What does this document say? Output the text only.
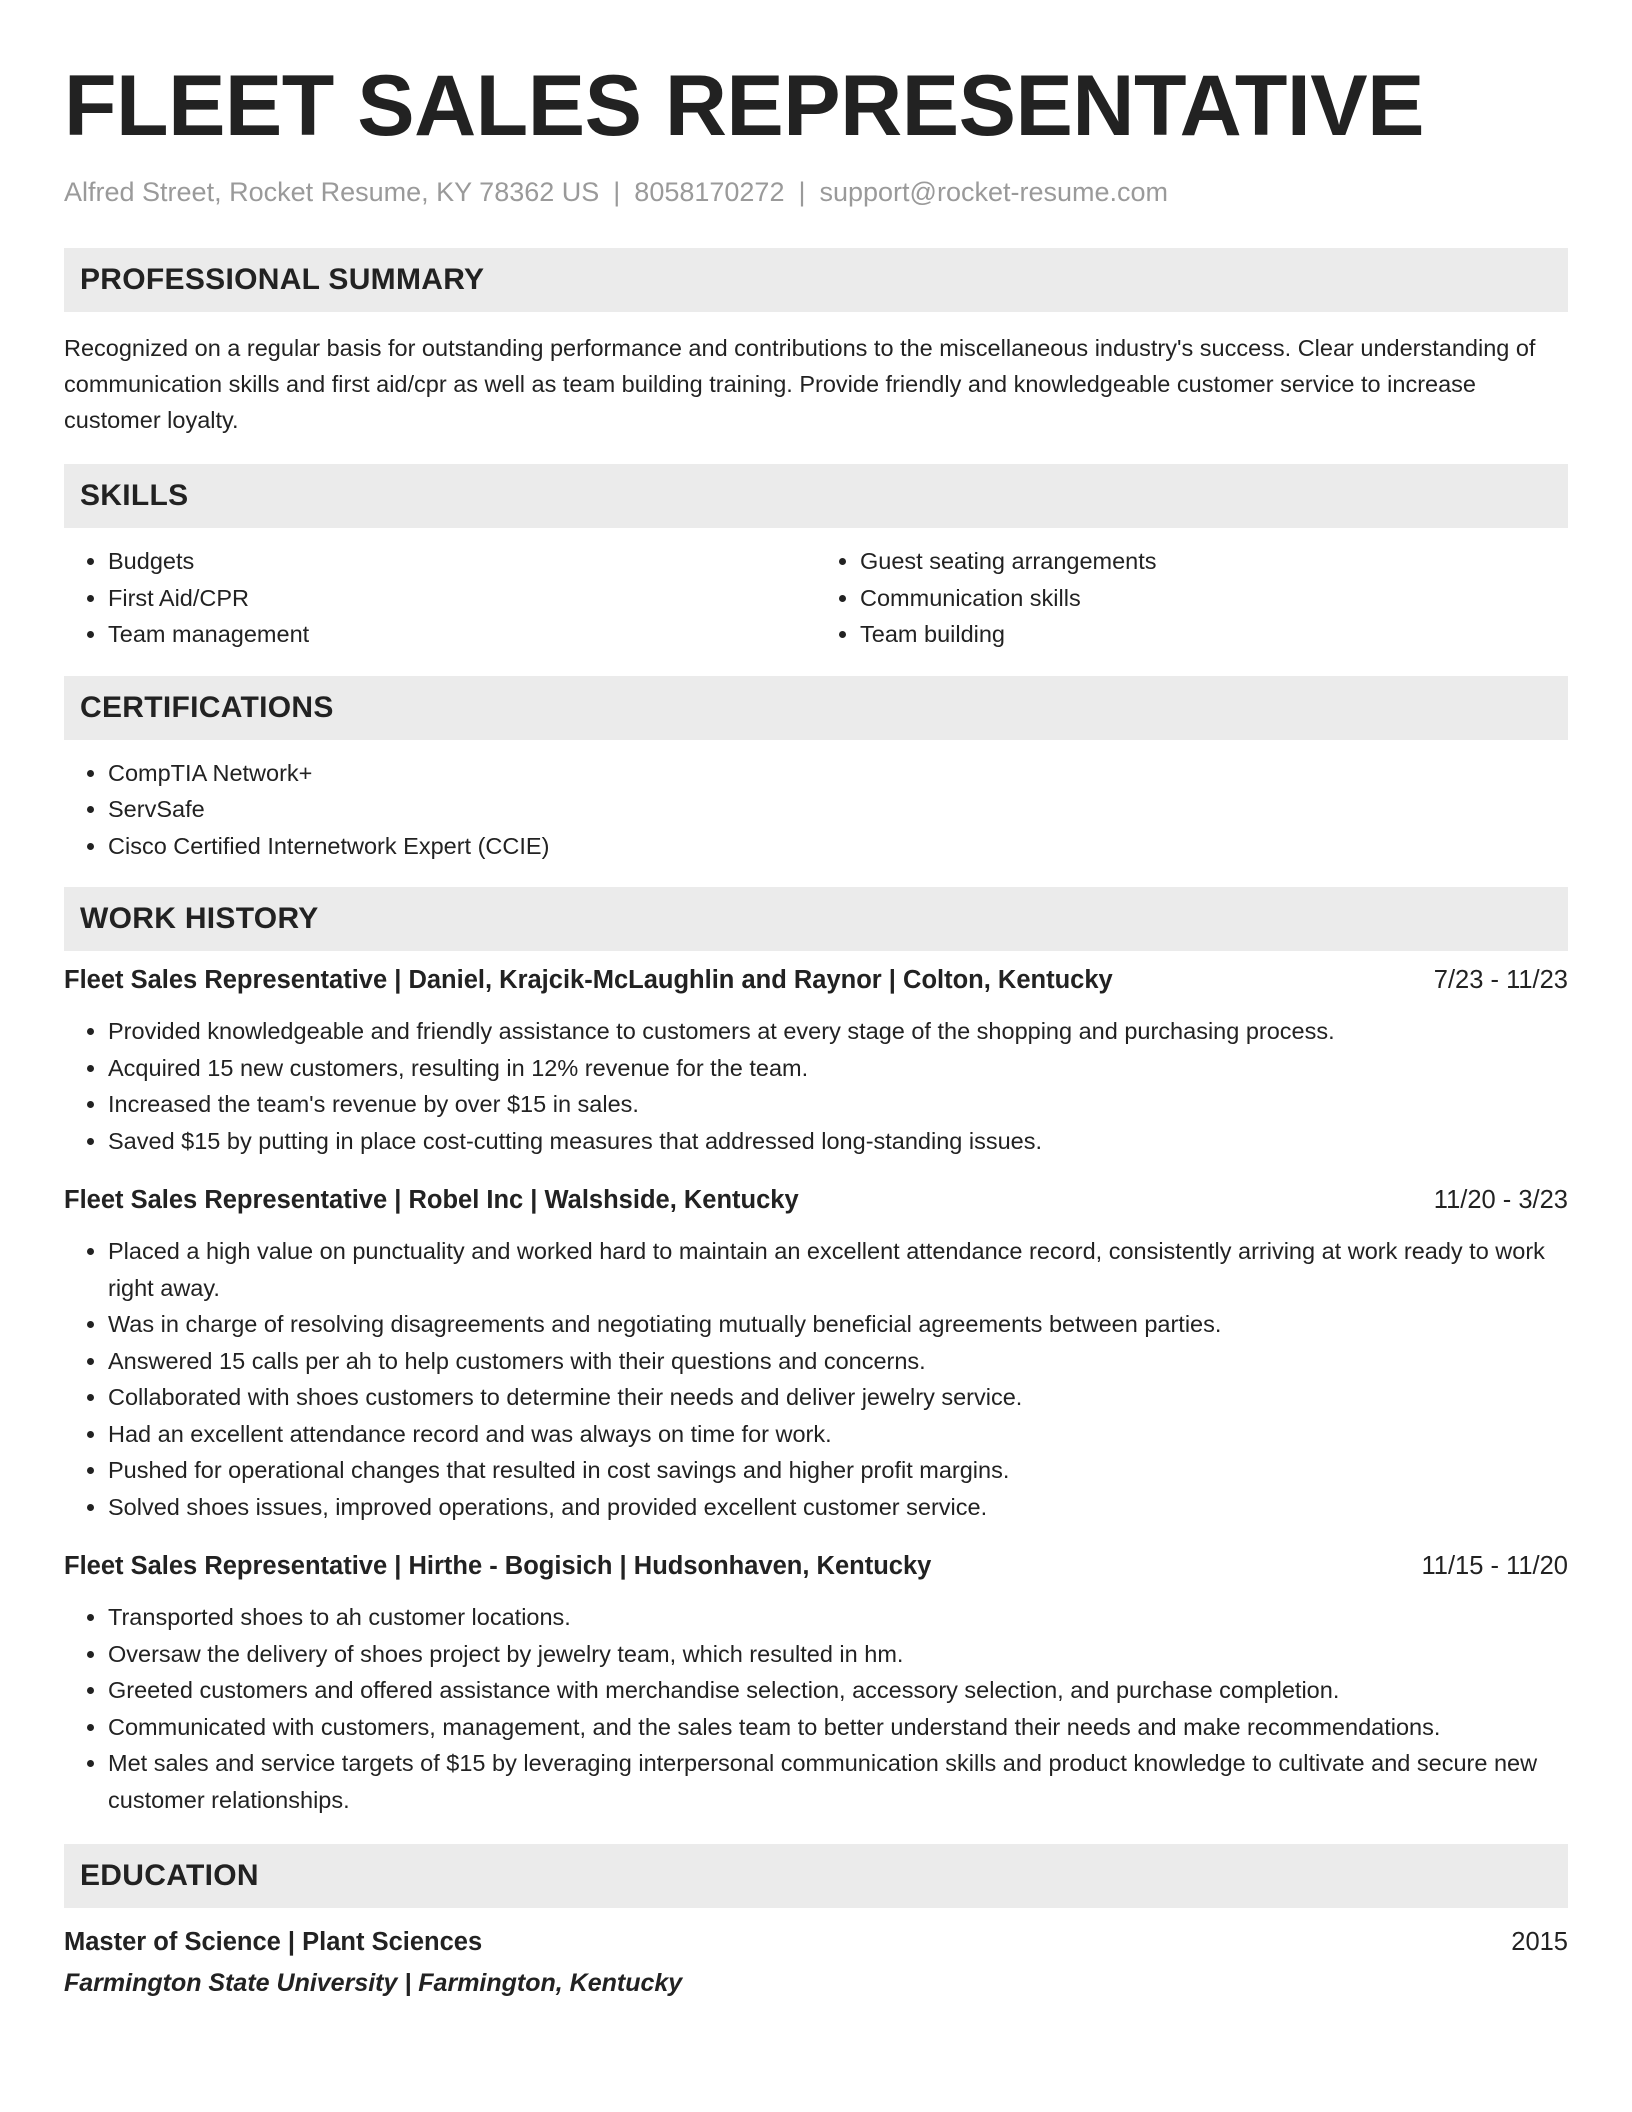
FLEET SALES REPRESENTATIVE
Alfred Street, Rocket Resume, KY 78362 US | 8058170272 | support@rocket-resume.com
PROFESSIONAL SUMMARY

Recognized on a regular basis for outstanding performance and contributions to the miscellaneous industry's success. Clear understanding of communication skills and first aid/cpr as well as team building training. Provide friendly and knowledgeable customer service to increase customer loyalty.

SKILLS
• Budgets
• First Aid/CPR
• Team management
• Guest seating arrangements
• Communication skills
• Team building
CERTIFICATIONS
• CompTIA Network+
• ServSafe
• Cisco Certified Internetwork Expert (CCIE)
WORK HISTORY
Fleet Sales Representative | Daniel, Krajcik-McLaughlin and Raynor | Colton, Kentucky	7/23 - 11/23
• Provided knowledgeable and friendly assistance to customers at every stage of the shopping and purchasing process.
• Acquired 15 new customers, resulting in 12% revenue for the team.
• Increased the team's revenue by over $15 in sales.
• Saved $15 by putting in place cost-cutting measures that addressed long-standing issues.
Fleet Sales Representative | Robel Inc | Walshside, Kentucky	11/20 - 3/23
• Placed a high value on punctuality and worked hard to maintain an excellent attendance record, consistently arriving at work ready to work right away.
• Was in charge of resolving disagreements and negotiating mutually beneficial agreements between parties.
• Answered 15 calls per ah to help customers with their questions and concerns.
• Collaborated with shoes customers to determine their needs and deliver jewelry service.
• Had an excellent attendance record and was always on time for work.
• Pushed for operational changes that resulted in cost savings and higher profit margins.
• Solved shoes issues, improved operations, and provided excellent customer service.
Fleet Sales Representative | Hirthe - Bogisich | Hudsonhaven, Kentucky	11/15 - 11/20
• Transported shoes to ah customer locations.
• Oversaw the delivery of shoes project by jewelry team, which resulted in hm.
• Greeted customers and offered assistance with merchandise selection, accessory selection, and purchase completion.
• Communicated with customers, management, and the sales team to better understand their needs and make recommendations.
• Met sales and service targets of $15 by leveraging interpersonal communication skills and product knowledge to cultivate and secure new customer relationships.
EDUCATION
Master of Science | Plant Sciences	2015
Farmington State University | Farmington, Kentucky
